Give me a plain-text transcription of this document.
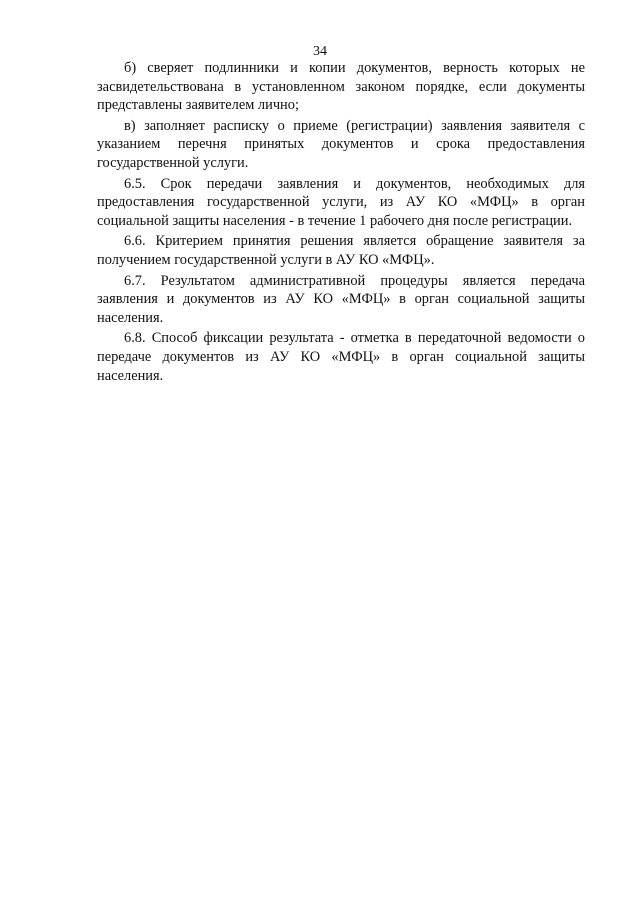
34

б) сверяет подлинники и копии документов, верность которых не засвидетельствована в установленном законом порядке, если документы представлены заявителем лично;

в) заполняет расписку о приеме (регистрации) заявления заявителя с указанием перечня принятых документов и срока предоставления государственной услуги.

6.5. Срок передачи заявления и документов, необходимых для предоставления государственной услуги, из АУ КО «МФЦ» в орган социальной защиты населения - в течение 1 рабочего дня после регистрации.

6.6. Критерием принятия решения является обращение заявителя за получением государственной услуги в АУ КО «МФЦ».

6.7. Результатом административной процедуры является передача заявления и документов из АУ КО «МФЦ» в орган социальной защиты населения.

6.8. Способ фиксации результата - отметка в передаточной ведомости о передаче документов из АУ КО «МФЦ» в орган социальной защиты населения.
